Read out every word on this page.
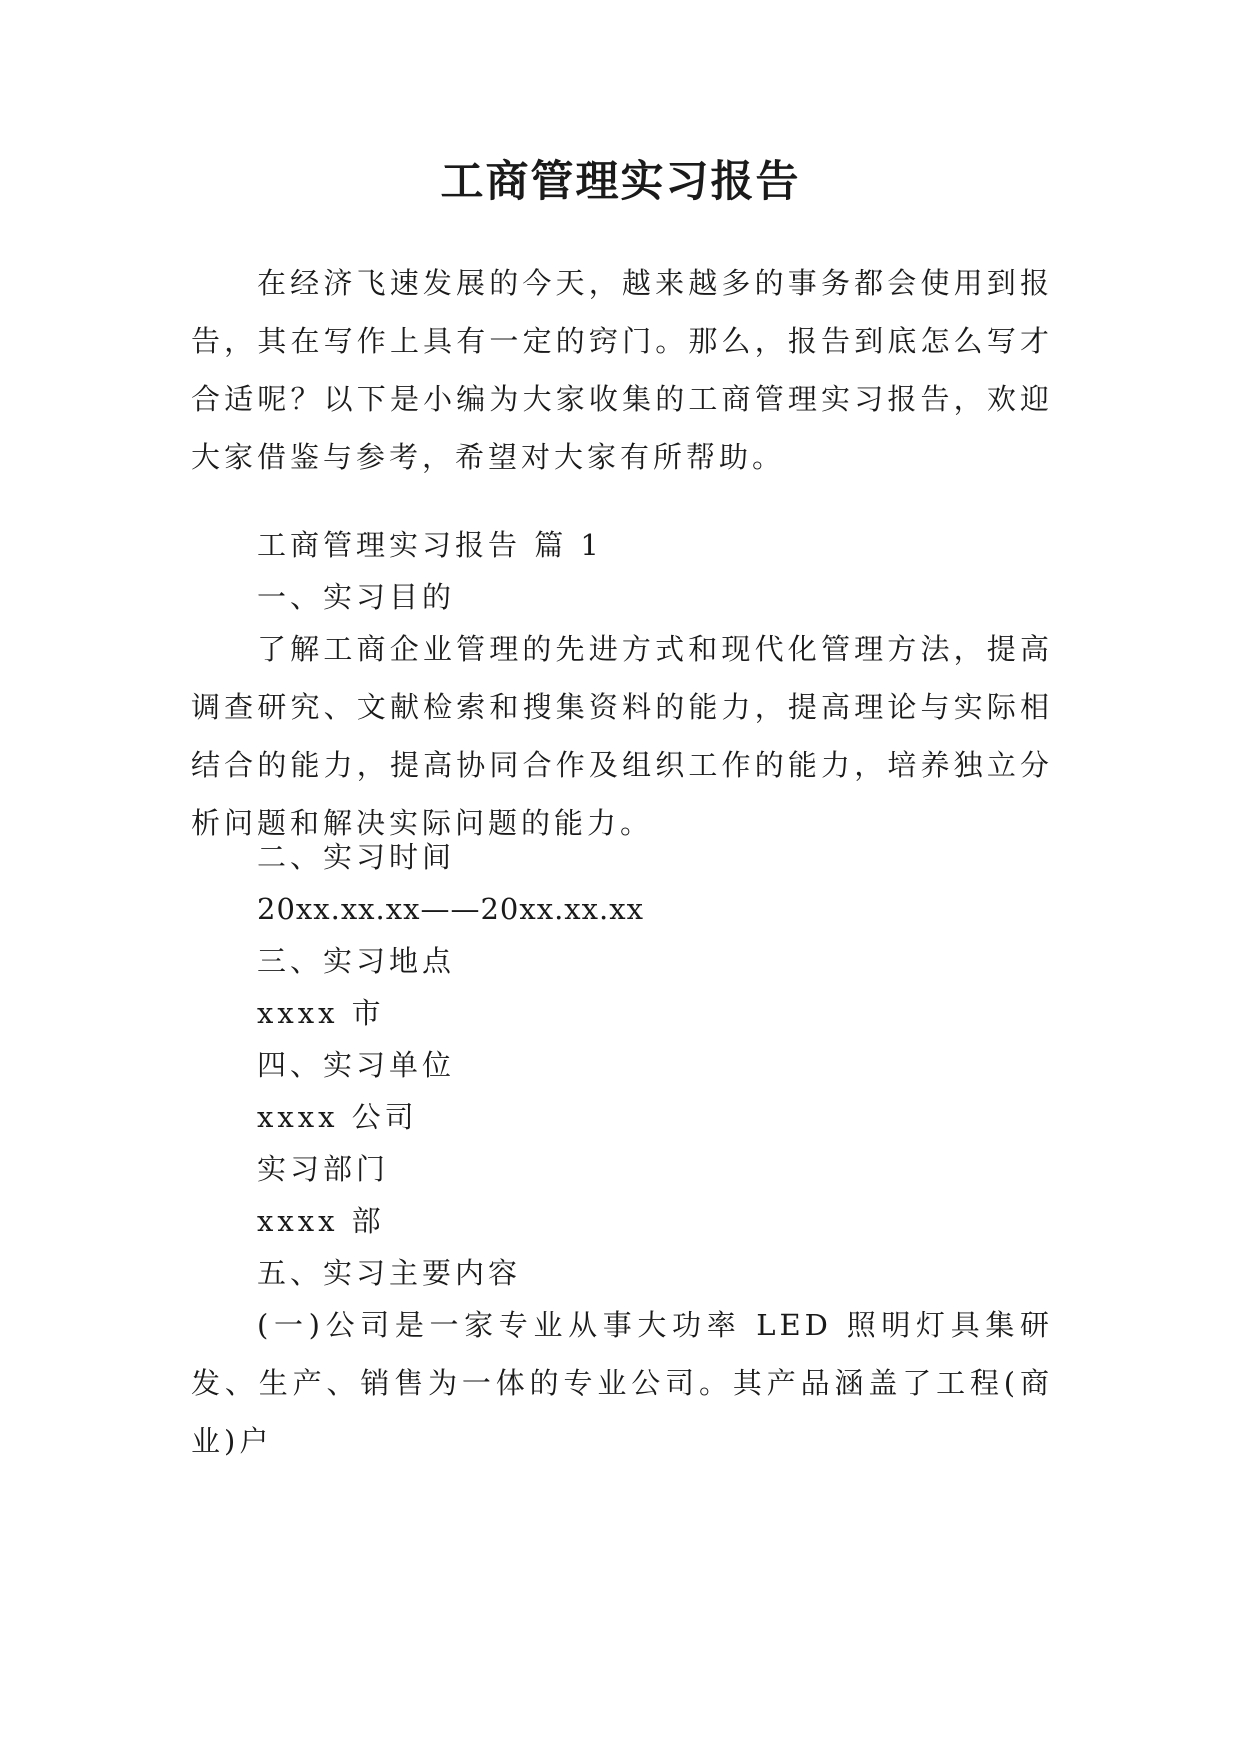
工商管理实习报告

在经济飞速发展的今天，越来越多的事务都会使用到报告，其在写作上具有一定的窍门。那么，报告到底怎么写才合适呢？以下是小编为大家收集的工商管理实习报告，欢迎大家借鉴与参考，希望对大家有所帮助。

工商管理实习报告 篇 1
一、实习目的

了解工商企业管理的先进方式和现代化管理方法，提高调查研究、文献检索和搜集资料的能力，提高理论与实际相结合的能力，提高协同合作及组织工作的能力，培养独立分析问题和解决实际问题的能力。

二、实习时间
20xx.xx.xx——20xx.xx.xx
三、实习地点
xxxx 市
四、实习单位
xxxx 公司
实习部门
xxxx 部
五、实习主要内容

(一)公司是一家专业从事大功率 LED 照明灯具集研发、生产、销售为一体的专业公司。其产品涵盖了工程(商业)户
